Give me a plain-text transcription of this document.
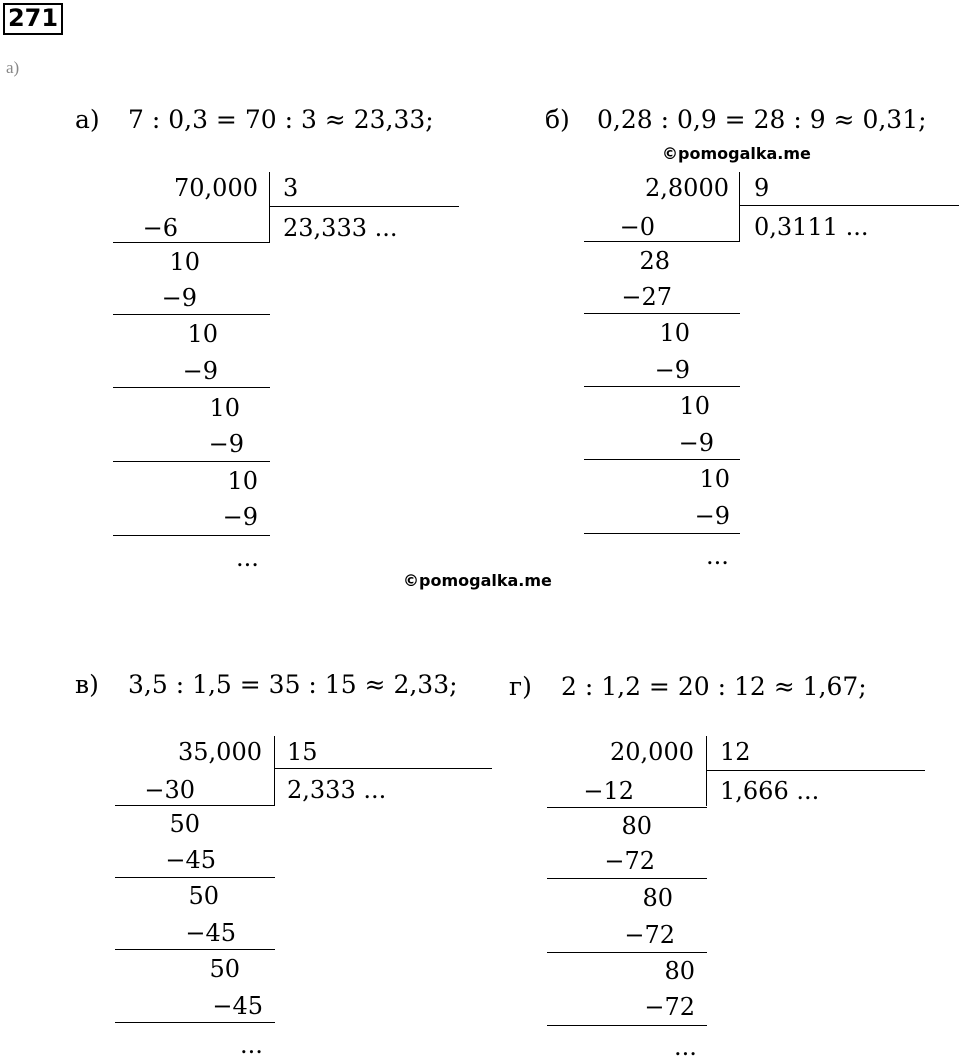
271
а)
а) 7 : 0,3 = 70 : 3 ≈ 23,33;
©pomogalka.me
б) 0,28 : 0,9 = 28 : 9 ≈ 0,31;
70,000 3
23,333 ...
−6
10
−9
10
−9
10
−9
10
−9
...
2,8000 9
0,3111 ...
−0
28
−27
10
−9
10
−9
10
−9
...
©pomogalka.me
в) 3,5 : 1,5 = 35 : 15 ≈ 2,33; г) 2 : 1,2 = 20 : 12 ≈ 1,67;
35,000 15
2,333 ...
−30
50
−45
50
−45
50
−45
...
20,000 12
1,666 ...
−12
80
−72
80
−72
80
−72
...
